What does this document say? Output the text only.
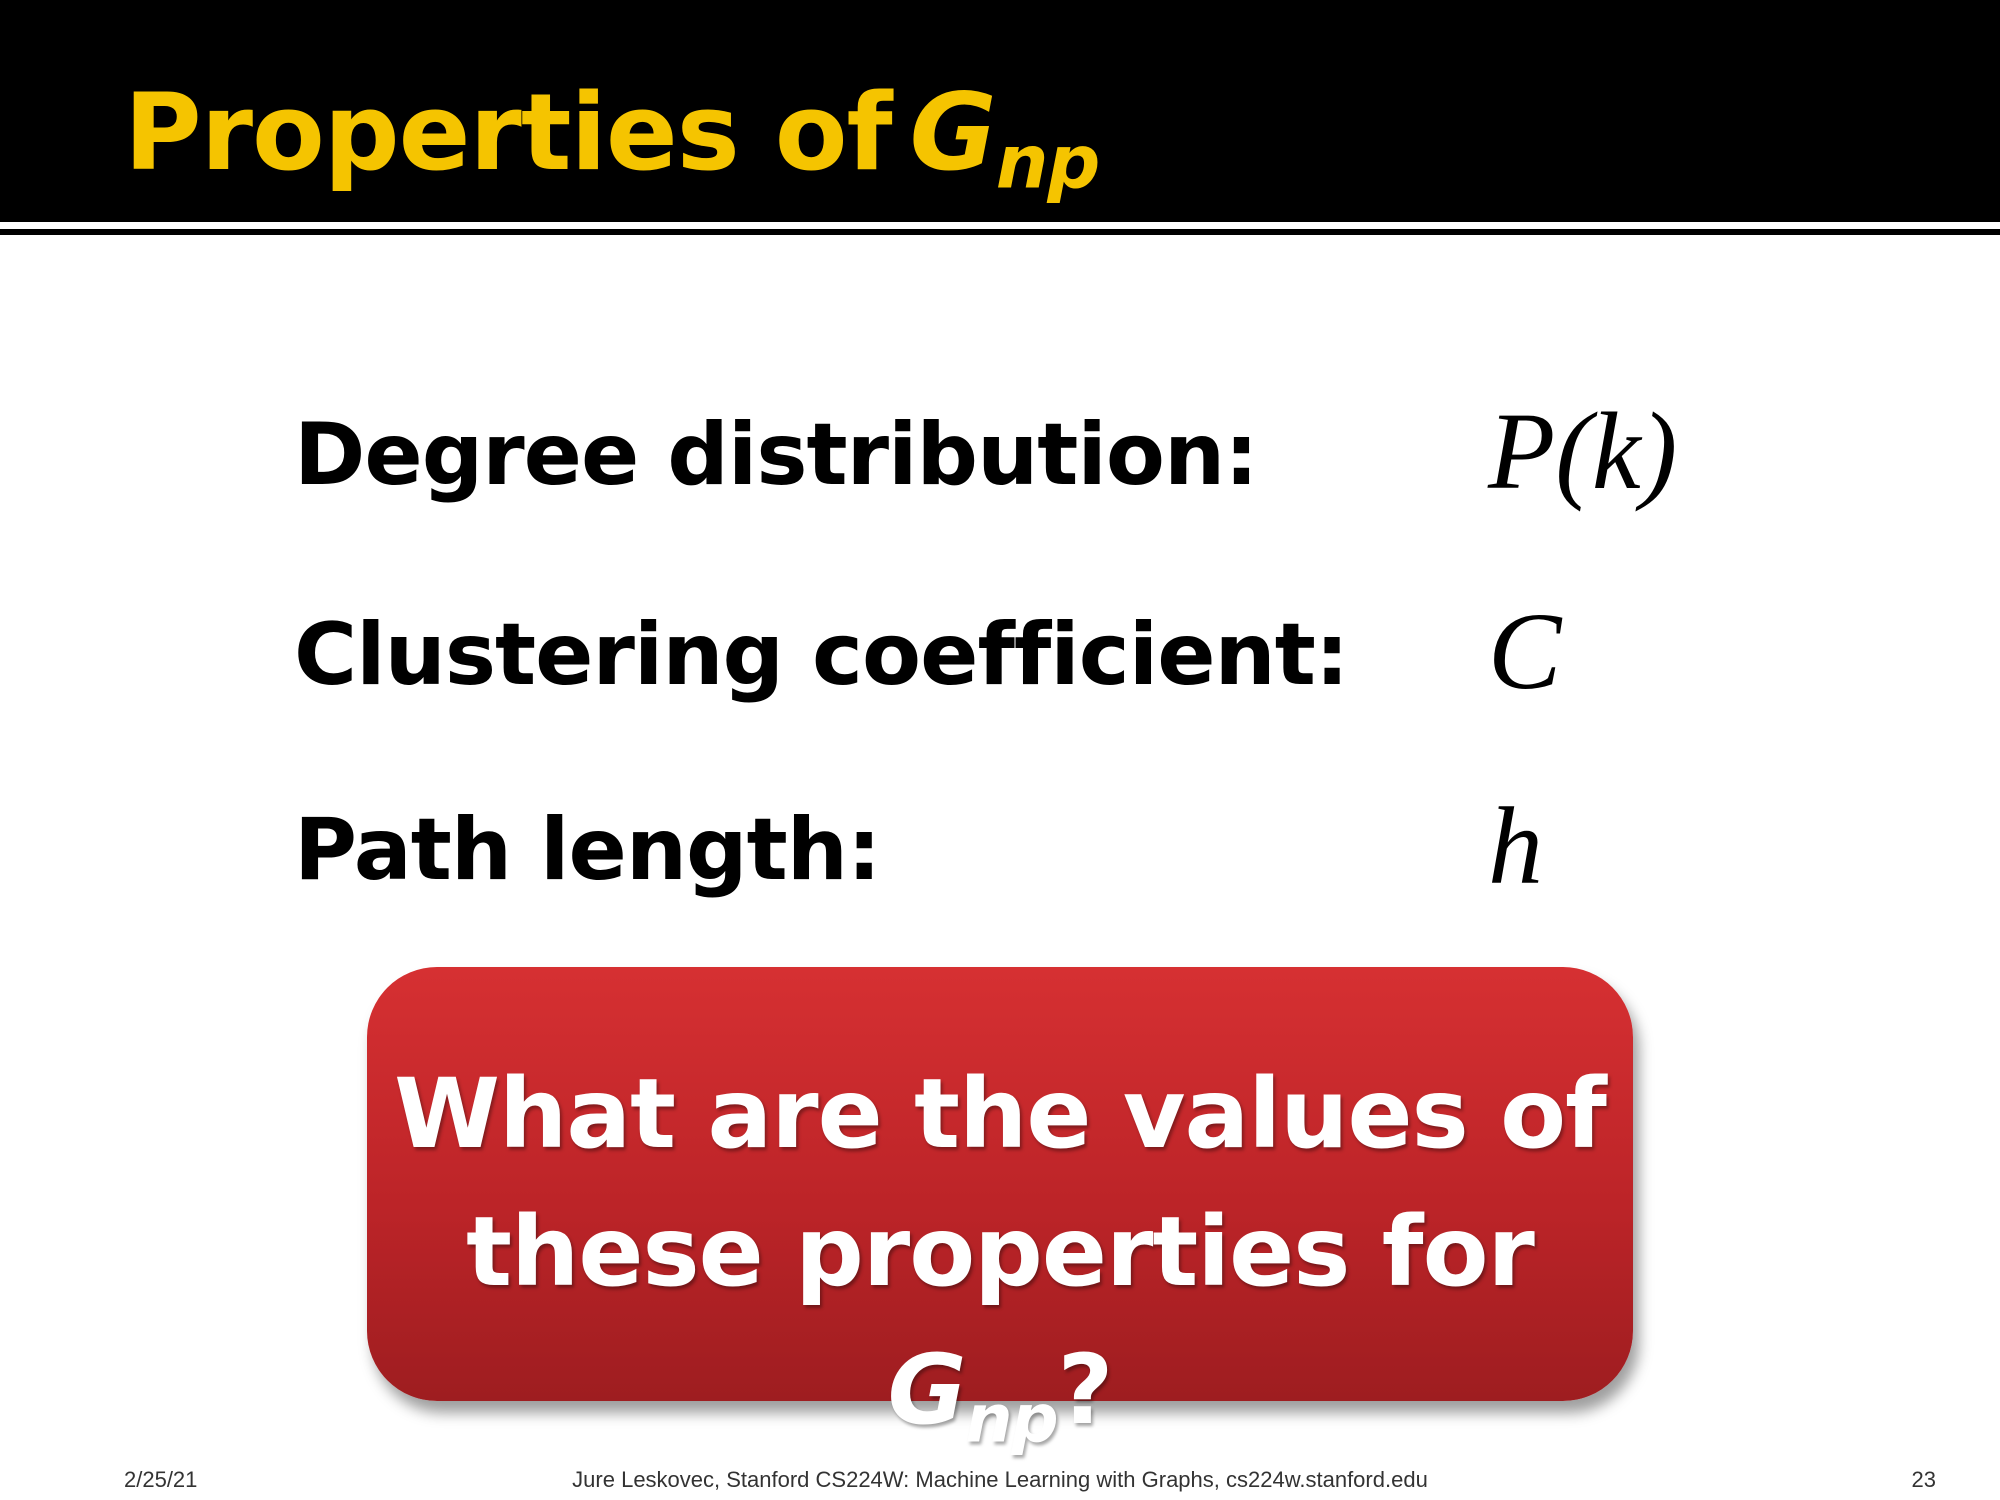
Properties of $G_{np}$

Degree distribution: P(k)

Clustering coefficient: C

Path length:	h

What are the values of
these properties for $G_{np}$?

2/25/21	Jure Leskovec, Stanford CS224W: Machine Learning with Graphs, cs224w.stanford.edu	23
